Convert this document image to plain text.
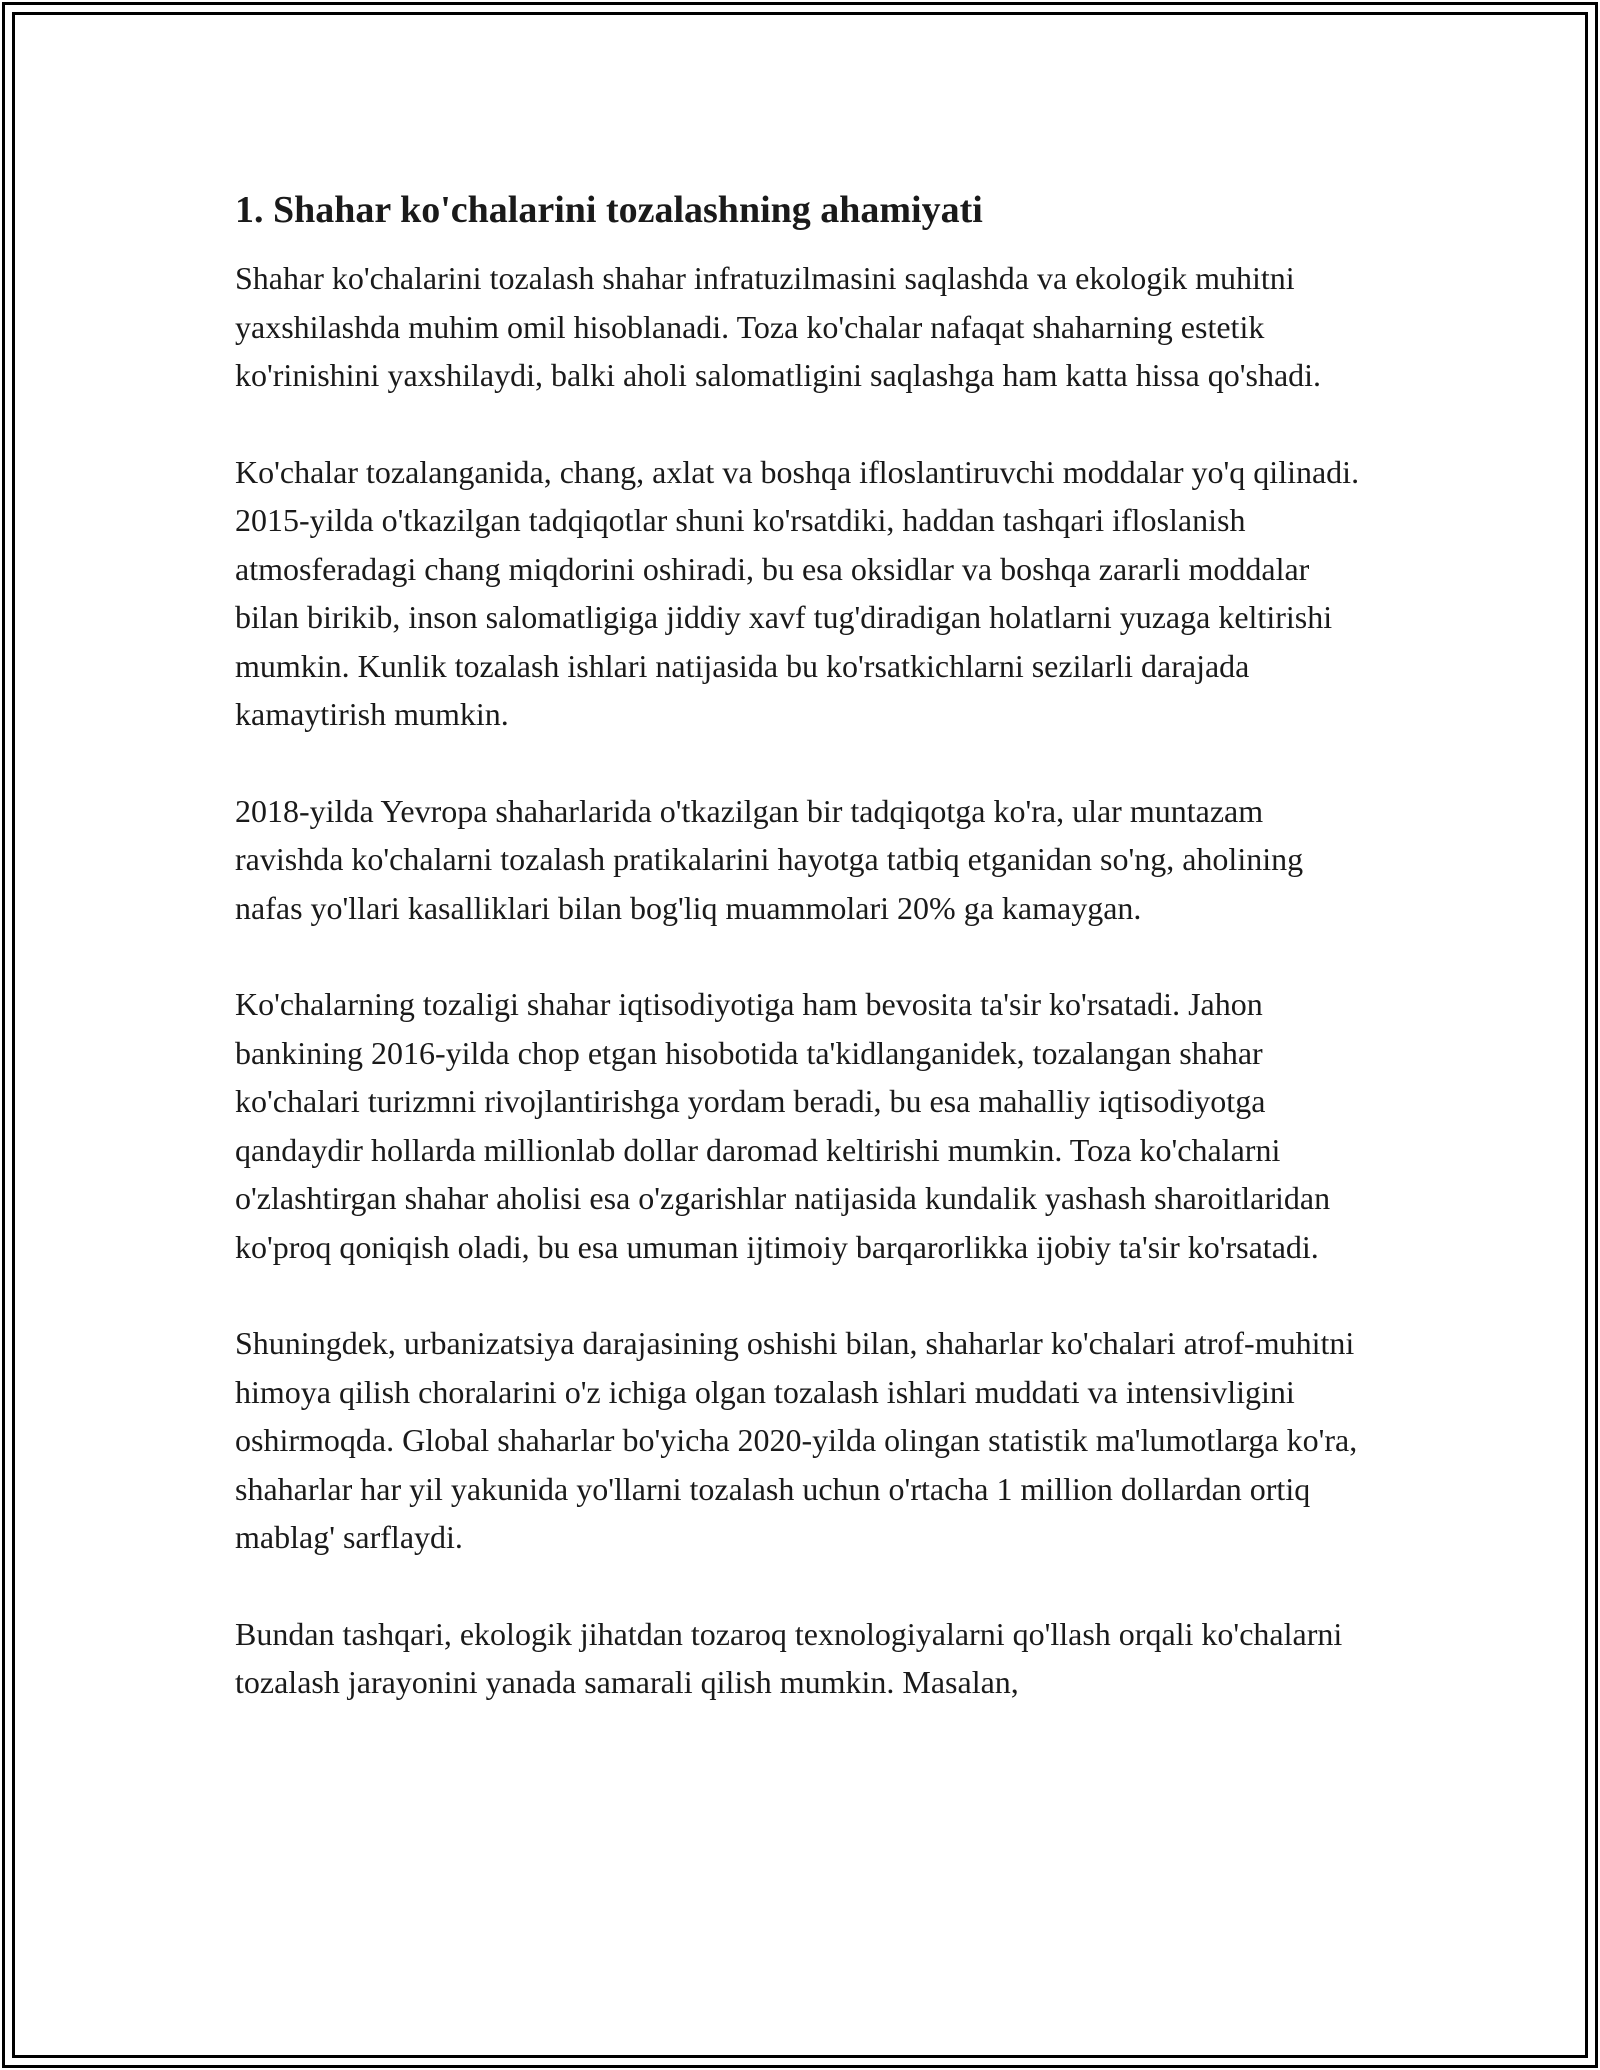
1. Shahar ko'chalarini tozalashning ahamiyati

Shahar ko'chalarini tozalash shahar infratuzilmasini saqlashda va ekologik muhitni yaxshilashda muhim omil hisoblanadi. Toza ko'chalar nafaqat shaharning estetik ko'rinishini yaxshilaydi, balki aholi salomatligini saqlashga ham katta hissa qo'shadi.

Ko'chalar tozalanganida, chang, axlat va boshqa ifloslantiruvchi moddalar yo'q qilinadi. 2015-yilda o'tkazilgan tadqiqotlar shuni ko'rsatdiki, haddan tashqari ifloslanish atmosferadagi chang miqdorini oshiradi, bu esa oksidlar va boshqa zararli moddalar bilan birikib, inson salomatligiga jiddiy xavf tug'diradigan holatlarni yuzaga keltirishi mumkin. Kunlik tozalash ishlari natijasida bu ko'rsatkichlarni sezilarli darajada kamaytirish mumkin.

2018-yilda Yevropa shaharlarida o'tkazilgan bir tadqiqotga ko'ra, ular muntazam ravishda ko'chalarni tozalash pratikalarini hayotga tatbiq etganidan so'ng, aholining nafas yo'llari kasalliklari bilan bog'liq muammolari 20% ga kamaygan.

Ko'chalarning tozaligi shahar iqtisodiyotiga ham bevosita ta'sir ko'rsatadi. Jahon bankining 2016-yilda chop etgan hisobotida ta'kidlanganidek, tozalangan shahar ko'chalari turizmni rivojlantirishga yordam beradi, bu esa mahalliy iqtisodiyotga qandaydir hollarda millionlab dollar daromad keltirishi mumkin. Toza ko'chalarni o'zlashtirgan shahar aholisi esa o'zgarishlar natijasida kundalik yashash sharoitlaridan ko'proq qoniqish oladi, bu esa umuman ijtimoiy barqarorlikka ijobiy ta'sir ko'rsatadi.

Shuningdek, urbanizatsiya darajasining oshishi bilan, shaharlar ko'chalari atrof-muhitni himoya qilish choralarini o'z ichiga olgan tozalash ishlari muddati va intensivligini oshirmoqda. Global shaharlar bo'yicha 2020-yilda olingan statistik ma'lumotlarga ko'ra, shaharlar har yil yakunida yo'llarni tozalash uchun o'rtacha 1 million dollardan ortiq mablag' sarflaydi.

Bundan tashqari, ekologik jihatdan tozaroq texnologiyalarni qo'llash orqali ko'chalarni tozalash jarayonini yanada samarali qilish mumkin. Masalan,
